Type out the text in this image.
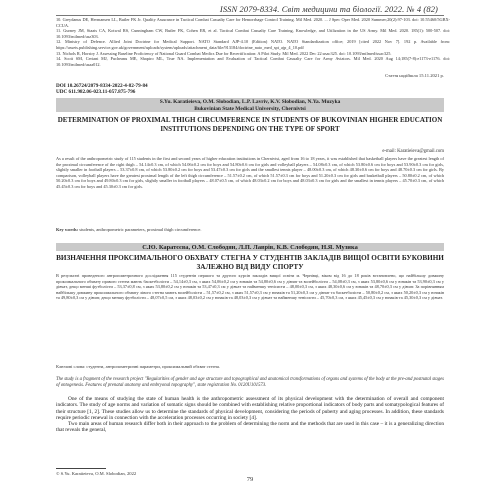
ISSN 2079-8334. Світ медицини та біології. 2022. № 4 (82)

10. Greydanus DE, Hermansen LL, Butler FK Jr. Quality Assurance in Tactical Combat Casualty Care for Hemorrhage Control Training. Mil Med. 2020. ... J Spec Oper Med. 2020 Summer;20(2):97-103. doi: 10.55460/5GBX-CCUA.

11. Gurney JM, Staats CA, Kotwal RS, Cunningham CW, Butler FK, Cohen ER, et al. Tactical Combat Casualty Care Training, Knowledge, and Utilization in the US Army. Mil Med. 2020. 185(1): 500-507. doi: 10.1093/milmed/usz303.

12. Ministry of Defence. Allied Joint Doctrine for Medical Support. NATO Standard AJP-4.10 (Edition) NATO. NATO Standardization office; 2019 [cited 2022 Nov 7]. 192 p. Available from: https://assets.publishing.service.gov.uk/government/uploads/system/uploads/attachment_data/file/913184/doctrine_nato_med_spt_ajp_4_10.pdf

13. Nichols R, Horstry J. Assessing Baseline Proficiency of National Guard Combat Medics Due for Recertification: A Pilot Study. Mil Med. 2022 Dec 22:usac325. doi: 10.1093/milmed/usac325.

14. Scott SM, Ceriani MJ, Pucheanu ME, Shapiro ML, True NA. Implementation and Evaluation of Tactical Combat Casualty Care for Army Aviators. Mil Med. 2020 Aug 14;185(7-8):e1173-e1176. doi: 10.1093/milmed/usaa012.

Стаття надійшла 15.11.2021 р.
DOI 10.26724/2079-8334-2022-4-82-79-84
UDC 611.982.06-023.11-057.875-796
S.Yu. Karatieieva, O.M. Slobodian, L.P. Lavriv, K.V. Slobodian, N.Ya. Muzyka
Bukovinian State Medical University, Chernivtsi
DETERMINATION OF PROXIMAL THIGH CIRCUMFERENCE IN STUDENTS OF BUKOVINIAN HIGHER EDUCATION INSTITUTIONS DEPENDING ON THE TYPE OF SPORT
e-mail: Karatieieva@gmail.com
As a result of the anthropometric study of 115 students in the first and second years of higher education institutions in Chernivtsi, aged from 16 to 18 years, it was established that basketball players have the greatest length of the proximal circumference of the right thigh – 54.14±0.3 cm, of which 54.06±0.2 cm for boys and 54.80±0.6 cm for girls and volleyball players – 54.08±0.3 cm, of which 53.80±0.6 cm for boys and 53.90±0.3 cm for girls, slightly smaller in football players – 53.37±0.8 cm, of which 53.80±0.2 cm for boys and 53.47±0.3 cm for girls and the smallest tennis player – 48.00±0.3 cm, of which 48.30±0.6 cm for boys and 48.70±0.3 cm for girls. By comparison, volleyball players have the greatest proximal length of the left thigh circumference – 51.57±0.2 cm, of which 51.57±0.3 cm for boys and 51.20±0.3 cm for girls and basketball players – 50.80±0.2 cm, of which 50.20±0.3 cm for boys and 49.80±0.3 cm for girls, slightly smaller in football players – 48.07±0.5 cm, of which 48.03±0.2 cm for boys and 48.03±0.3 cm for girls and the smallest in tennis players – 45.70±0.3 cm, of which 45.45±0.3 cm for boys and 45.30±0.3 cm for girls.
Key words: students, anthropometric parameters, proximal thigh circumference.
С.Ю. Каратєєва, О.М. Слободян, Л.П. Лаврів, К.В. Слободян, Н.Я. Музика
ВИЗНАЧЕННЯ ПРОКСИМАЛЬНОГО ОБХВАТУ СТЕГНА У СТУДЕНТІВ ЗАКЛАДІВ ВИЩОЇ ОСВІТИ БУКОВИНИ ЗАЛЕЖНО ВІД ВИДУ СПОРТУ
В результаті проведеного антропометричного дослідження 115 студентів першого та другого курсів закладів вищої освіти м. Чернівці, віком від 16 до 18 років встановлено, що найбільшу довжину проксимального обхвату правого стегна мають баскетболісти – 54,14±0,3 см, з яких 54,06±0,2 см у юнаків та 54,80±0,6 см у дівчат та волейболісти – 54,08±0,3 см, з яких 53,80±0,6 см у юнаків та 53,90±0,3 см у дівчат, дещо менші футболісти – 53,37±0,8 см, з яких 53,80±0,2 см у юнаків та 53,47±0,3 см у дівчат та найменшу тенісисти – 48,00±0,3 см, з яких 48,30±0,6 см у юнаків та 48,70±0,3 см у дівчат. За порівнянням найбільшу довжину проксимального обхвату лівого стегна мають волейболісти – 51,57±0,2 см, з яких 51,57±0,3 см у юнаків та 51,20±0,3 см у дівчат та баскетболісти – 50,80±0,2 см, з яких 50,20±0,3 см у юнаків та 49,80±0,3 см у дівчат, дещо меншу футболісти – 48,07±0,5 см, з яких 48,03±0,2 см у юнаків та 48,03±0,3 см у дівчат та найменшу тенісисти – 45,70±0,3 см, з яких 45,45±0,3 см у юнаків та 45,30±0,3 см у дівчат.
Ключові слова: студенти, антропометричні параметри, проксимальний обхват стегна.
The study is a fragment of the research project "Regularities of gender and age structure and topographical and anatomical transformations of organs and systems of the body at the pre-and postnatal stages of ontogenesis. Features of prenatal anatomy and embryonal topography", state registration No. 0120U101573.

One of the means of studying the state of human health is the anthropometric assessment of its physical development with the determination of overall and component indicators. The study of age norms and variation of somatic signs should be combined with establishing relative proportional indicators of body parts and somatypological features of their structure [1, 2]. These studies allow us to determine the standards of physical development, considering the periods of puberty and aging processes. In addition, these standards require periodic renewal in connection with the acceleration processes occurring in society [4].

Two main areas of human research differ both in their approach to the problem of determining the norm and the methods that are used in this case – it is a generalizing direction that reveals the general,

© S.Yu. Karatieieva, O.M. Slobodian, 2022
79
